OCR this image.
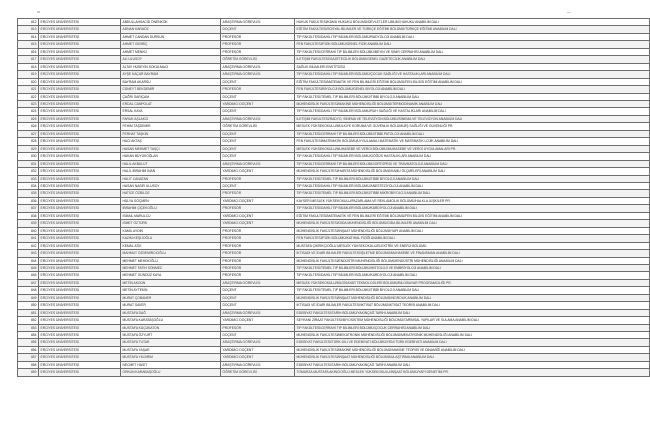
812	ERCİYES ÜNİVERSİTESİ	ABDULLAHSACİD ÖNENKÖK	ARAŞTIRMA GÖREVLİSİ	HUKUK FAKÜLTESİ/KAMU HUKUKU BÖLÜMÜ/DEVLETLER UMUMİ HUKUKU ANABİLİM DALI
813	ERCİYES ÜNİVERSİTESİ	ADNAN KARAÖZ	DOÇENT	EĞİTİM FAKÜLTESİ/SOSYAL BİLİMLER VE TÜRKÇE EĞİTİMİ BÖLÜMÜ/TÜRKÇE EĞİTİMİ ANABİLİM DALI
814	ERCİYES ÜNİVERSİTESİ	AHMET CANDAN DURSUN	PROFESÖR	TIP FAKÜLTESİ/DAHİLİ TIP BİLİMLERİ BÖLÜMÜ/RADYOLOJİ ANABİLİM DALI
815	ERCİYES ÜNİVERSİTESİ	AHMET GIDIRİÇ	PROFESÖR	FEN FAKÜLTESİ/FİZİK BÖLÜMÜ/GENEL FİZİK ANABİLİM DALI
816	ERCİYES ÜNİVERSİTESİ	AHMET MENKÜ	PROFESÖR	TIP FAKÜLTESİ/CERRAHİ TIP BİLİMLERİ BÖLÜMÜ/BEYİN VE SİNİR CERRAHİSİ ANABİLİM DALI
817	ERCİYES ÜNİVERSİTESİ	ALİ ULUSOY	ÖĞRETİM GÖREVLİSİ	İLETİŞİM FAKÜLTESİ/GAZETECİLİK BÖLÜMÜ/GENEL GAZETECİLİK ANABİLİM DALI
818	ERCİYES ÜNİVERSİTESİ	ALTAY HÜSEYİN SOKULMACI	ARAŞTIRMA GÖREVLİSİ	SAĞLIK BİLİMLERİ ENSTİTÜSÜ
819	ERCİYES ÜNİVERSİTESİ	AYŞE KAÇAR BAYRAM	ARAŞTIRMA GÖREVLİSİ	TIP FAKÜLTESİ/DAHİLİ TIP BİLİMLERİ BÖLÜMÜ/ÇOCUK SAĞLIĞI VE HASTALIKLARI ANABİLİM DALI
820	ERCİYES ÜNİVERSİTESİ	BAYRAM AKARSU	DOÇENT	EĞİTİM FAKÜLTESİ/MATEMATİK VE FEN BİLİMLERİ EĞİTİMİ BÖLÜMÜ/FEN BİLGİSİ EĞİTİMİ ANABİLİM DALI
821	ERCİYES ÜNİVERSİTESİ	CÜNEYT BEKDEMİR	PROFESÖR	FEN FAKÜLTESİ/BİYOLOJİ BÖLÜMÜ/GENEL BİYOLOJİ ANABİLİM DALI
822	ERCİYES ÜNİVERSİTESİ	ÇAĞRI SARIÇAM	DOÇENT	TIP FAKÜLTESİ/TEMEL TIP BİLİMLERİ BÖLÜMÜ/TIBBİ BİYOLOJİ ANABİLİM DALI
823	ERCİYES ÜNİVERSİTESİ	ERDAL CANPOLAT	YARDIMCI DOÇENT	MÜHENDİSLİK FAKÜLTESİ/MAKİNE MÜHENDİSLİĞİ BÖLÜMÜ/TERMODİNAMİK ANABİLİM DALI
824	ERCİYES ÜNİVERSİTESİ	ERSAL KAYA	DOÇENT	TIP FAKÜLTESİ/DAHİLİ TIP BİLİMLERİ BÖLÜMÜ/RUH SAĞLIĞI VE HASTALIKLARI ANABİLİM DALI
825	ERCİYES ÜNİVERSİTESİ	FARUK AŞLAKCI	ARAŞTIRMA GÖREVLİSİ	İLETİŞİM FAKÜLTESİ/RADYO, SİNEMA VE TELEVİZYON BÖLÜMÜ/SİNEMA VE TELEVİZYON ANABİLİM DALI
826	ERCİYES ÜNİVERSİTESİ	FEHİM TAŞDEMİR	ÖĞRETİM GÖREVLİSİ	MESLEK YÜKSEKOKULU/MÜLKİYE KORUMA VE GÜVENLİK BÖLÜMÜ/İŞ SAĞLIĞI VE GÜVENLİĞİ PR.
827	ERCİYES ÜNİVERSİTESİ	FERHAT TAŞKIN	DOÇENT	TIP FAKÜLTESİ/CERRAHİ TIP BİLİMLERİ BÖLÜMÜ/TIBBİ PATOLOJİ ANABİLİM DALI
828	ERCİYES ÜNİVERSİTESİ	HACI AKTAŞ	DOÇENT	FEN FAKÜLTESİ/MATEMATİK BÖLÜMÜ/UYGULAMALI MATEMATİK VE MATEMATİK LOJİK ANABİLİM DALI
829	ERCİYES ÜNİVERSİTESİ	HASAN MEHMET TAŞÇI	DOÇENT	MESLEK YÜKSEKOKULU/MUHASEBE VE VERGİ BÖLÜMÜ/MUHASEBE VE VERGİ UYGULAMALARI PR.
830	ERCİYES ÜNİVERSİTESİ	HAKAN BÜYÜKOĞLAN	DOÇENT	TIP FAKÜLTESİ/DAHİLİ TIP BİLİMLERİ BÖLÜMÜ/GÖĞÜS HASTALIKLARI ANABİLİM DALI
831	ERCİYES ÜNİVERSİTESİ	HALİL AKBULUT	ARAŞTIRMA GÖREVLİSİ	TIP FAKÜLTESİ/CERRAHİ TIP BİLİMLERİ BÖLÜMÜ/ORTOPEDİ VE TRAVMATOLOJİ ANABİLİM DALI
832	ERCİYES ÜNİVERSİTESİ	HALİL İBRAHİM İNAN	YARDIMCI DOÇENT	MÜHENDİSLİK FAKÜLTESİ/HARİTA MÜHENDİSLİĞİ BÖLÜMÜ/KAMU ÖLÇMELERİ ANABİLİM DALI
833	ERCİYES ÜNİVERSİTESİ	HALİT CANATAN	PROFESÖR	TIP FAKÜLTESİ/TEMEL TIP BİLİMLERİ BÖLÜMÜ/TIBBİ BİYOLOJİ ANABİLİM DALI
834	ERCİYES ÜNİVERSİTESİ	HASAN NASİR ULUSOY	DOÇENT	TIP FAKÜLTESİ/DAHİLİ TIP BİLİMLERİ BÖLÜMÜ/ANESTEZİYOLOJİ ANABİLİM DALI
835	ERCİYES ÜNİVERSİTESİ	HATİCE ÖZBİLGE	PROFESÖR	TIP FAKÜLTESİ/TEMEL TIP BİLİMLERİ BÖLÜMÜ/TIBBİ MİKROBİYOLOJİ ANABİLİM DALI
836	ERCİYES ÜNİVERSİTESİ	HÜLYA GÖÇMEN	YARDIMCI DOÇENT	KAYSERİ MESLEK YÜKSEKOKULU/PAZARLAMA VE REKLAMCILIK BÖLÜMÜ/HALKLA İLİŞKİLER PR.
837	ERCİYES ÜNİVERSİTESİ	İBRAHİM ÇİÇEKOĞLU	PROFESÖR	TIP FAKÜLTESİ/DAHİLİ TIP BİLİMLERİ BÖLÜMÜ/KARDİYOLOJİ ANABİLİM DALI
838	ERCİYES ÜNİVERSİTESİ	İSMAİL MARULCU	YARDIMCI DOÇENT	EĞİTİM FAKÜLTESİ/MATEMATİK VE FEN BİLİMLERİ EĞİTİMİ BÖLÜMÜ/FEN BİLGİSİ EĞİTİMİ ANABİLİM DALI
839	ERCİYES ÜNİVERSİTESİ	İSMET ÖZTÜRK	YARDIMCI DOÇENT	MÜHENDİSLİK FAKÜLTESİ/GIDA MÜHENDİSLİĞİ BÖLÜMÜ/GIDA BİLİMLERİ ANABİLİM DALI
840	ERCİYES ÜNİVERSİTESİ	KAMİL AYDIN	PROFESÖR	MÜHENDİSLİK FAKÜLTESİ/İNŞAAT MÜHENDİSLİĞİ BÖLÜMÜ/YAPI ANABİLİM DALI
841	ERCİYES ÜNİVERSİTESİ	KAZIM KEŞLİOĞLU	PROFESÖR	FEN FAKÜLTESİ/FİZİK BÖLÜMÜ/KATIHAL FİZİĞİ ANABİLİM DALI
842	ERCİYES ÜNİVERSİTESİ	KEMAL ATİK	PROFESÖR	MUSTAFA ÇIKRIKÇIOĞLU MESLEK YÜKSEKOKULU/ELEKTRİK VE ENERJİ BÖLÜMÜ
843	ERCİYES ÜNİVERSİTESİ	MAHMUT ÖZDEMİRCİOĞLU	PROFESÖR	İKTİSADİ VE İDARİ BİLİMLER FAKÜLTESİ/İŞLETME BÖLÜMÜ/MUHASEBE VE FİNANSMAN ANABİLİM DALI
844	ERCİYES ÜNİVERSİTESİ	MEHMET MEHDİOĞLU	PROFESÖR	MÜHENDİSLİK FAKÜLTESİ/ENDÜSTRİ MÜHENDİSLİĞİ BÖLÜMÜ/ENDÜSTRİ MÜHENDİSLİĞİ ANABİLİM DALI
845	ERCİYES ÜNİVERSİTESİ	MEHMET FATİH SÖNMEZ	PROFESÖR	TIP FAKÜLTESİ/TEMEL TIP BİLİMLERİ BÖLÜMÜ/HİSTOLOJİ VE EMBRİYOLOJİ ANABİLİM DALI
846	ERCİYES ÜNİVERSİTESİ	MEHMET GÜNDÜZ KAYA	PROFESÖR	TIP FAKÜLTESİ/DAHİLİ TIP BİLİMLERİ BÖLÜMÜ/KARDİYOLOJİ ANABİLİM DALI
847	ERCİYES ÜNİVERSİTESİ	METİN AKGÜN	ARAŞTIRMA GÖREVLİSİ	MESLEK YÜKSEKOKULU/BİLGİSAYAR TEKNOLOJİLERİ BÖLÜMÜ/BİLGİSAYAR PROGRAMCILIĞI PR.
848	ERCİYES ÜNİVERSİTESİ	METİN AYTEKİN	DOÇENT	TIP FAKÜLTESİ/TEMEL TIP BİLİMLERİ BÖLÜMÜ/TIBBİ BİYOLOJİ ANABİLİM DALI
849	ERCİYES ÜNİVERSİTESİ	MURAT ÇOBANER	DOÇENT	MÜHENDİSLİK FAKÜLTESİ/İNŞAAT MÜHENDİSLİĞİ BÖLÜMÜ/HİDROLİK ANABİLİM DALI
850	ERCİYES ÜNİVERSİTESİ	MURAT SAVER	DOÇENT	İKTİSADİ VE İDARİ BİLİMLER FAKÜLTESİ/İKTİSAT BÖLÜMÜ/İKTİSAT TEORİSİ ANABİLİM DALI
851	ERCİYES ÜNİVERSİTESİ	MUSTAFA DAĞ	ARAŞTIRMA GÖREVLİSİ	EDEBİYAT FAKÜLTESİ/TARİH BÖLÜMÜ/YAKINÇAĞ TARİHİ ANABİLİM DALI
852	ERCİYES ÜNİVERSİTESİ	MUSTAFA KARATAŞOĞLU	YARDIMCI DOÇENT	SEYRANİ ZİRAAT FAKÜLTESİ/BİYOSİSTEM MÜHENDİSLİĞİ BÖLÜMÜ/TARIMSAL YAPILAR VE SULAMA ANABİLİM DALI
853	ERCİYES ÜNİVERSİTESİ	MUSTAFA KÜÇÜKATON	PROFESÖR	TIP FAKÜLTESİ/CERRAHİ TIP BİLİMLERİ BÖLÜMÜ/ÇOCUK CERRAHİSİ ANABİLİM DALI
854	ERCİYES ÜNİVERSİTESİ	MUSTAFA ÖZYURT	DOÇENT	MÜHENDİSLİK FAKÜLTESİ/MEKATRONİK MÜHENDİSLİĞİ BÖLÜMÜ/MEKATRONİK MÜHENDİSLİĞİ ANABİLİM DALI
855	ERCİYES ÜNİVERSİTESİ	MUSTAFA TUTAR	ARAŞTIRMA GÖREVLİSİ	EDEBİYAT FAKÜLTESİ/TÜRK DİLİ VE EDEBİYATI BÖLÜMÜ/YENİ TÜRK EDEBİYATI ANABİLİM DALI
856	ERCİYES ÜNİVERSİTESİ	MUSTAFA YAŞAR	YARDIMCI DOÇENT	MÜHENDİSLİK FAKÜLTESİ/MAKİNE MÜHENDİSLİĞİ BÖLÜMÜ/MAKİNE TEORİSİ VE DİNAMİĞİ ANABİLİM DALI
857	ERCİYES ÜNİVERSİTESİ	MUSTAFA YILDIRIM	YARDIMCI DOÇENT	MÜHENDİSLİK FAKÜLTESİ/İNŞAAT MÜHENDİSLİĞİ BÖLÜMÜ/ULAŞTIRMA ANABİLİM DALI
858	ERCİYES ÜNİVERSİTESİ	NECMET HASIT	ARAŞTIRMA GÖREVLİSİ	EDEBİYAT FAKÜLTESİ/TARİH BÖLÜMÜ/YAKINÇAĞ TARİHİ ANABİLİM DALI
859	ERCİYES ÜNİVERSİTESİ	ORKUN KARABAŞOĞLU	ÖĞRETİM GÖREVLİSİ	TOMARZA MUSTAFA AKINCIOĞLU MESLEK YÜKSEKOKULU/İNŞAAT BÖLÜMÜ/YAPI DENETİMİ PR.
